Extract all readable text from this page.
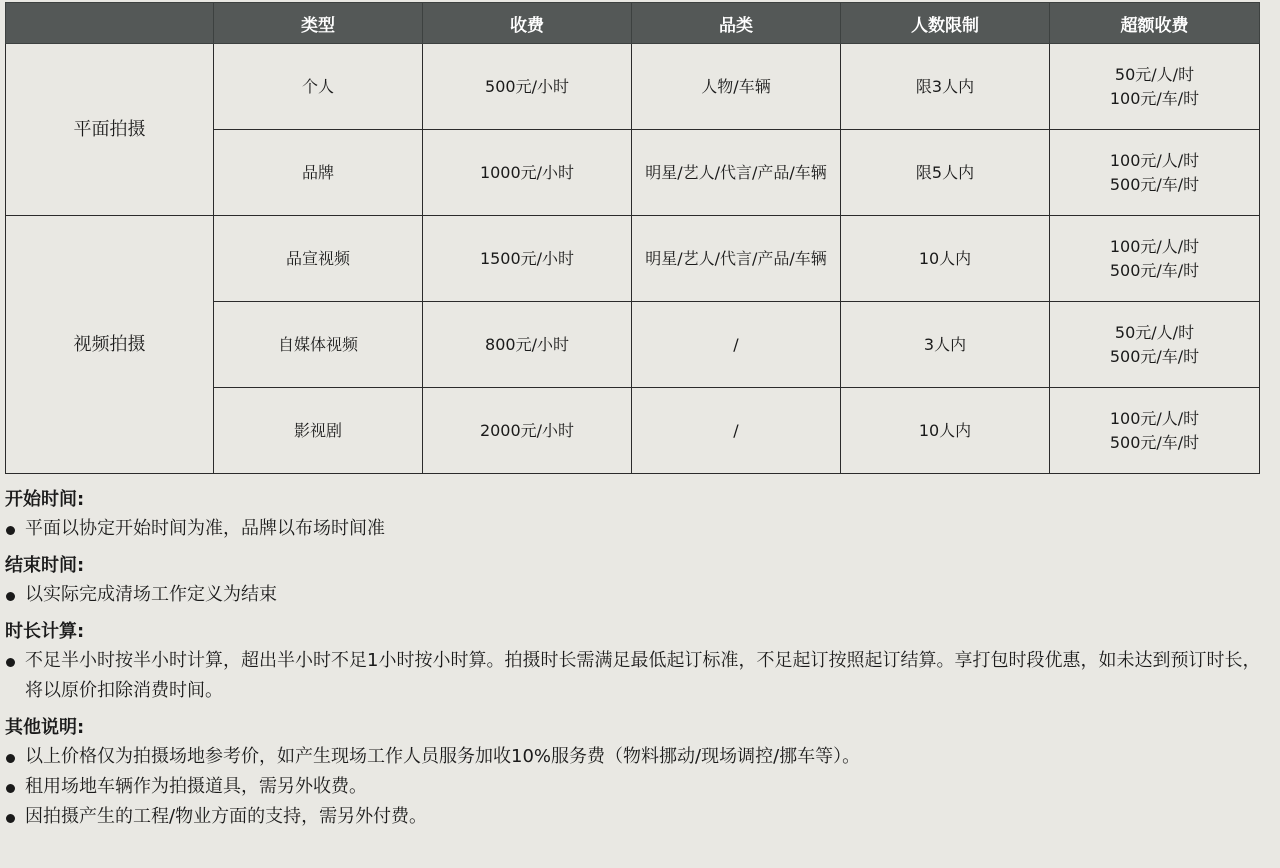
	类型	收费	品类	人数限制	超额收费
平面拍摄	个人	500元/小时	人物/车辆	限3人内	50元/人/时
100元/车/时

	品牌	1000元/小时	明星/艺人/代言/产品/车辆	限5人内	100元/人/时
500元/车/时

视频拍摄	品宣视频	1500元/小时	明星/艺人/代言/产品/车辆	10人内	100元/人/时
500元/车/时

	自媒体视频	800元/小时	/	3人内	50元/人/时
500元/车/时

	影视剧	2000元/小时	/	10人内	100元/人/时
500元/车/时
开始时间:
平面以协定开始时间为准，品牌以布场时间准
结束时间:
以实际完成清场工作定义为结束
时长计算:
不足半小时按半小时计算，超出半小时不足1小时按小时算。拍摄时长需满足最低起订标准，不足起订按照起订结算。享打包时段优惠，如未达到预订时长，将以原价扣除消费时间。
其他说明:
以上价格仅为拍摄场地参考价，如产生现场工作人员服务加收10%服务费（物料挪动/现场调控/挪车等）。
租用场地车辆作为拍摄道具，需另外收费。
因拍摄产生的工程/物业方面的支持，需另外付费。
